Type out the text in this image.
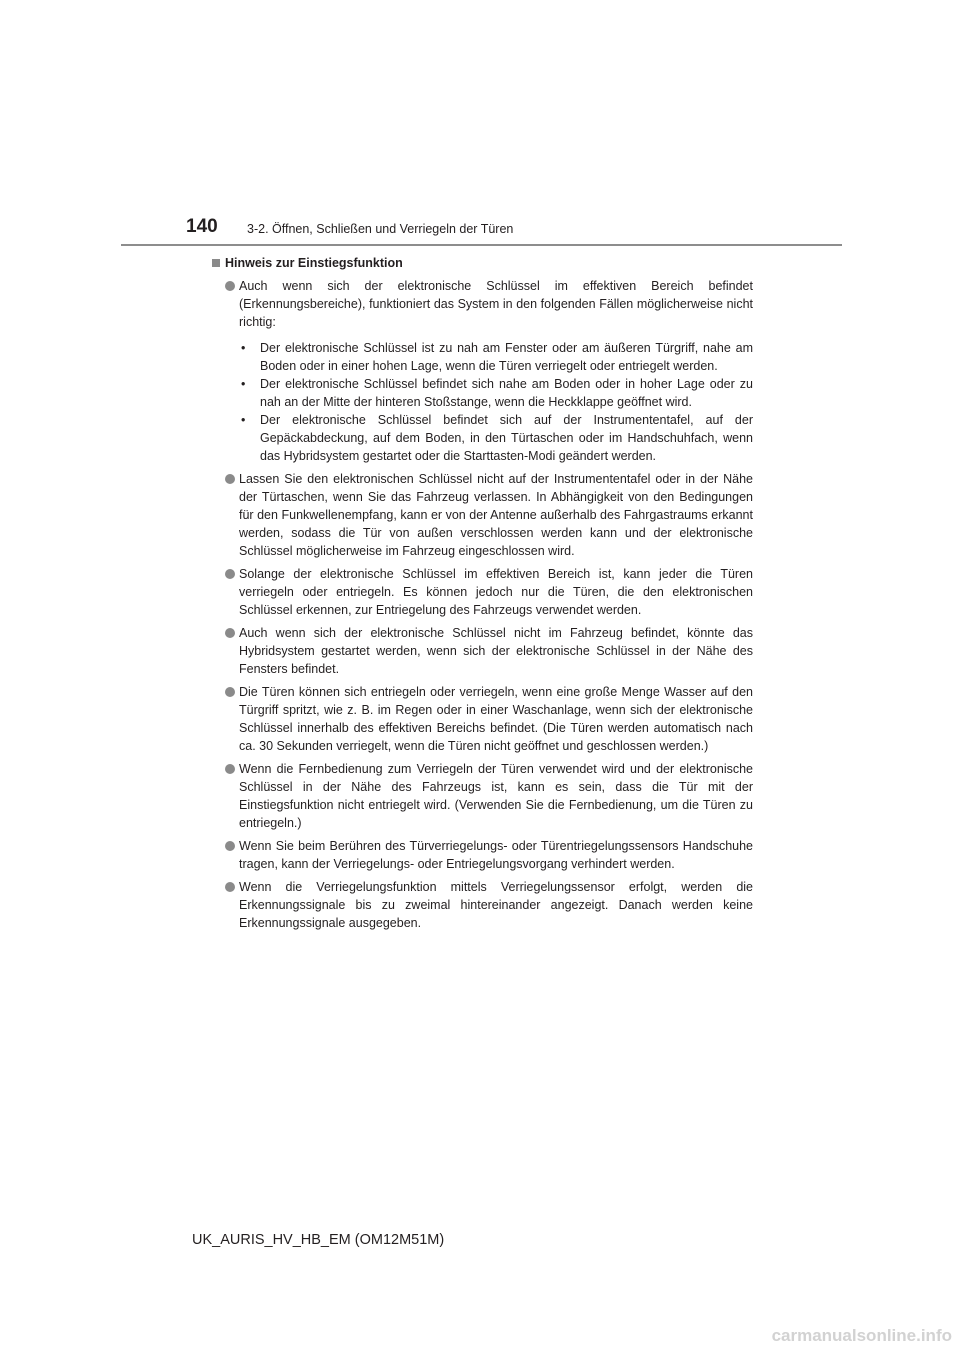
140 3-2. Öffnen, Schließen und Verriegeln der Türen
Hinweis zur Einstiegsfunktion
Auch wenn sich der elektronische Schlüssel im effektiven Bereich befindet (Erkennungsbereiche), funktioniert das System in den folgenden Fällen möglicherweise nicht richtig:
• Der elektronische Schlüssel ist zu nah am Fenster oder am äußeren Türgriff, nahe am Boden oder in einer hohen Lage, wenn die Türen verriegelt oder entriegelt werden.
• Der elektronische Schlüssel befindet sich nahe am Boden oder in hoher Lage oder zu nah an der Mitte der hinteren Stoßstange, wenn die Heckklappe geöffnet wird.
• Der elektronische Schlüssel befindet sich auf der Instrumententafel, auf der Gepäckabdeckung, auf dem Boden, in den Türtaschen oder im Handschuhfach, wenn das Hybridsystem gestartet oder die Starttasten-Modi geändert werden.
Lassen Sie den elektronischen Schlüssel nicht auf der Instrumententafel oder in der Nähe der Türtaschen, wenn Sie das Fahrzeug verlassen. In Abhängigkeit von den Bedingungen für den Funkwellenempfang, kann er von der Antenne außerhalb des Fahrgastraums erkannt werden, sodass die Tür von außen verschlossen werden kann und der elektronische Schlüssel möglicherweise im Fahrzeug eingeschlossen wird.
Solange der elektronische Schlüssel im effektiven Bereich ist, kann jeder die Türen verriegeln oder entriegeln. Es können jedoch nur die Türen, die den elektronischen Schlüssel erkennen, zur Entriegelung des Fahrzeugs verwendet werden.
Auch wenn sich der elektronische Schlüssel nicht im Fahrzeug befindet, könnte das Hybridsystem gestartet werden, wenn sich der elektronische Schlüssel in der Nähe des Fensters befindet.
Die Türen können sich entriegeln oder verriegeln, wenn eine große Menge Wasser auf den Türgriff spritzt, wie z. B. im Regen oder in einer Waschanlage, wenn sich der elektronische Schlüssel innerhalb des effektiven Bereichs befindet. (Die Türen werden automatisch nach ca. 30 Sekunden verriegelt, wenn die Türen nicht geöffnet und geschlossen werden.)
Wenn die Fernbedienung zum Verriegeln der Türen verwendet wird und der elektronische Schlüssel in der Nähe des Fahrzeugs ist, kann es sein, dass die Tür mit der Einstiegsfunktion nicht entriegelt wird. (Verwenden Sie die Fernbedienung, um die Türen zu entriegeln.)
Wenn Sie beim Berühren des Türverriegelungs- oder Türentriegelungssensors Handschuhe tragen, kann der Verriegelungs- oder Entriegelungsvorgang verhindert werden.
Wenn die Verriegelungsfunktion mittels Verriegelungssensor erfolgt, werden die Erkennungssignale bis zu zweimal hintereinander angezeigt. Danach werden keine Erkennungssignale ausgegeben.
UK_AURIS_HV_HB_EM (OM12M51M)
carmanualsonline.info
